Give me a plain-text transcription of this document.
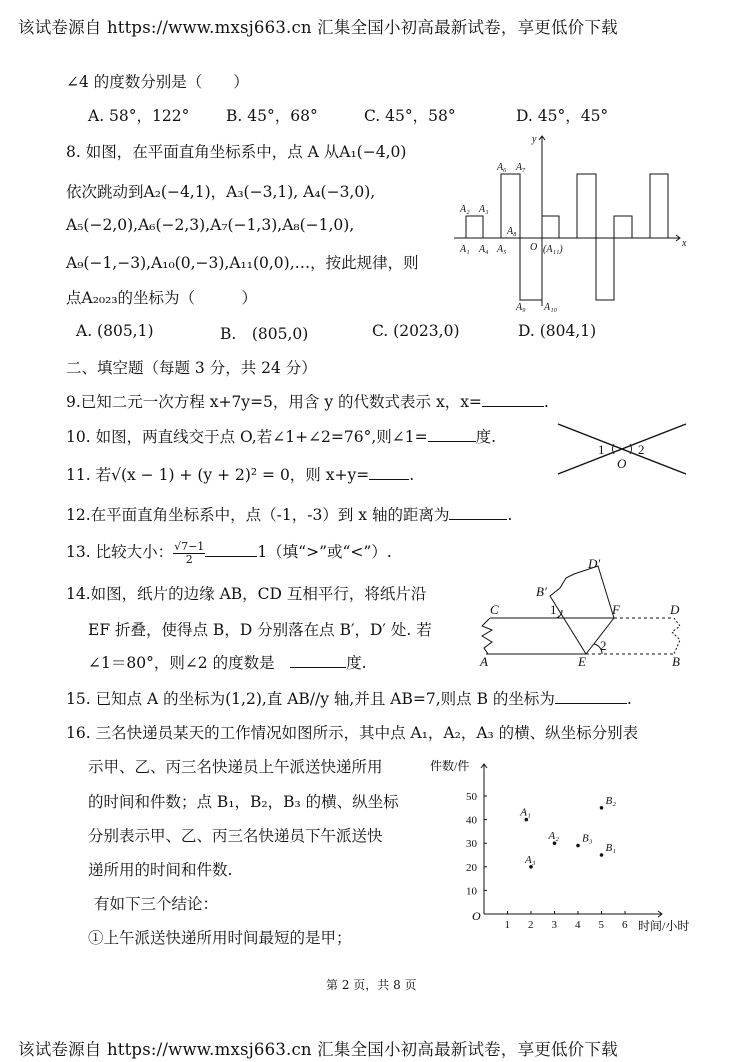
该试卷源自 https://www.mxsj663.cn 汇集全国小初高最新试卷，享更低价下载
∠4 的度数分别是（　　）
A. 58°，122° B. 45°，68°	C. 45°，58°	D. 45°，45°
8. 如图，在平面直角坐标系中，点 A 从A₁(−4,0)
依次跳动到A₂(−4,1)，A₃(−3,1), A₄(−3,0),
A₅(−2,0),A₆(−2,3),A₇(−1,3),A₈(−1,0),
A₉(−1,−3),A₁₀(0,−3),A₁₁(0,0),…，按此规律，则
点A₂₀₂₃的坐标为（　　　）
A. (805,1)	B.　(805,0)	C. (2023,0)	D. (804,1)
A₁
A₂ A₃
A₄ A₅
A₆ A₇
A₈
A₉ A₁₀
(A₁₁)
O	x
y
二、填空题（每题 3 分，共 24 分）
9.已知二元一次方程 x+7y=5，用含 y 的代数式表示 x，x=	.
10. 如图，两直线交于点 O,若∠1+∠2=76°,则∠1=	度.
1	2
O
11. 若√(x − 1) + (y + 2)² = 0，则 x+y=	.
12.在平面直角坐标系中，点（-1，-3）到 x 轴的距离为	.
13. 比较大小： $\frac{√7-1}{2}$	1（填“>”或“<”）.
14.如图，纸片的边缘 AB，CD 互相平行，将纸片沿
EF 折叠，使得点 B，D 分别落在点 B′，D′ 处. 若
∠1＝80°，则∠2 的度数是　	度.
D′
B′
C	1	F	D
A	E
2
B
15. 已知点 A 的坐标为(1,2),直 AB//y 轴,并且 AB=7,则点 B 的坐标为	.
16. 三名快递员某天的工作情况如图所示，其中点 A₁，A₂，A₃ 的横、纵坐标分别表
示甲、乙、丙三名快递员上午派送快递所用
的时间和件数；点 B₁，B₂，B₃ 的横、纵坐标
分别表示甲、乙、丙三名快递员下午派送快
递所用的时间和件数.
有如下三个结论：
①上午派送快递所用时间最短的是甲；
件数/件
时间/小时
O
1 2 3 4 5 6
10
20
30
40
50
A₁
A₂
A₃
B₁
B₂
B₃
第 2 页，共 8 页
该试卷源自 https://www.mxsj663.cn 汇集全国小初高最新试卷，享更低价下载
